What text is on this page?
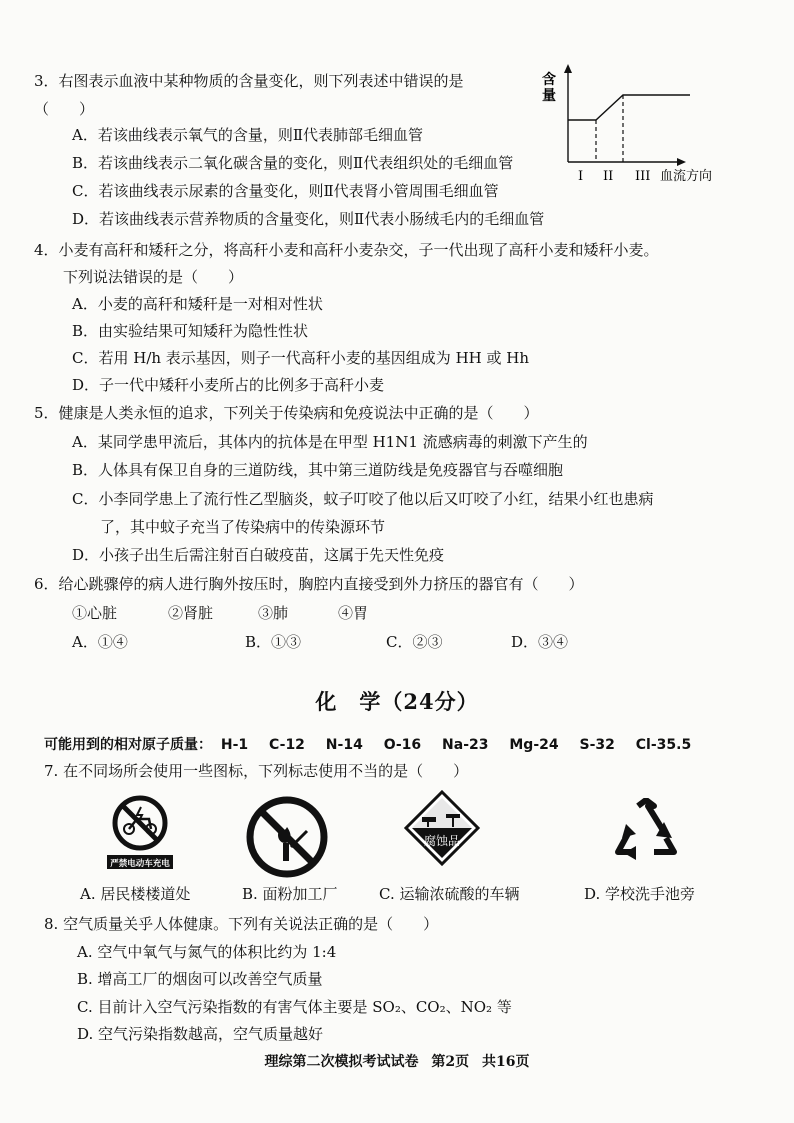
3．右图表示血液中某种物质的含量变化，则下列表述中错误的是
（　　）
A．若该曲线表示氧气的含量，则Ⅱ代表肺部毛细血管
B．若该曲线表示二氧化碳含量的变化，则Ⅱ代表组织处的毛细血管
C．若该曲线表示尿素的含量变化，则Ⅱ代表肾小管周围毛细血管
D．若该曲线表示营养物质的含量变化，则Ⅱ代表小肠绒毛内的毛细血管
含
量
I II III 血流方向
4．小麦有高秆和矮秆之分，将高秆小麦和高秆小麦杂交，子一代出现了高秆小麦和矮秆小麦。
下列说法错误的是（　　）
A．小麦的高秆和矮秆是一对相对性状
B．由实验结果可知矮秆为隐性性状
C．若用 H/h 表示基因，则子一代高秆小麦的基因组成为 HH 或 Hh
D．子一代中矮秆小麦所占的比例多于高秆小麦
5．健康是人类永恒的追求，下列关于传染病和免疫说法中正确的是（　　）
A．某同学患甲流后，其体内的抗体是在甲型 H1N1 流感病毒的刺激下产生的
B．人体具有保卫自身的三道防线，其中第三道防线是免疫器官与吞噬细胞
C．小李同学患上了流行性乙型脑炎，蚊子叮咬了他以后又叮咬了小红，结果小红也患病
了，其中蚊子充当了传染病中的传染源环节
D．小孩子出生后需注射百白破疫苗，这属于先天性免疫
6．给心跳骤停的病人进行胸外按压时，胸腔内直接受到外力挤压的器官有（　　）
①心脏	②肾脏	③肺	④胃
A．①④	B．①③	C．②③	D．③④
化　学（24分）
可能用到的相对原子质量： H-1 C-12 N-14 O-16 Na-23 Mg-24 S-32 Cl-35.5
7. 在不同场所会使用一些图标，下列标志使用不当的是（　　）
严禁电动车充电
腐蚀品
A. 居民楼楼道处	B. 面粉加工厂	C. 运输浓硫酸的车辆	D. 学校洗手池旁
8. 空气质量关乎人体健康。下列有关说法正确的是（　　）
A. 空气中氧气与氮气的体积比约为 1:4
B. 增高工厂的烟囱可以改善空气质量
C. 目前计入空气污染指数的有害气体主要是 SO₂、CO₂、NO₂ 等
D. 空气污染指数越高，空气质量越好
理综第二次模拟考试试卷 第2页 共16页
